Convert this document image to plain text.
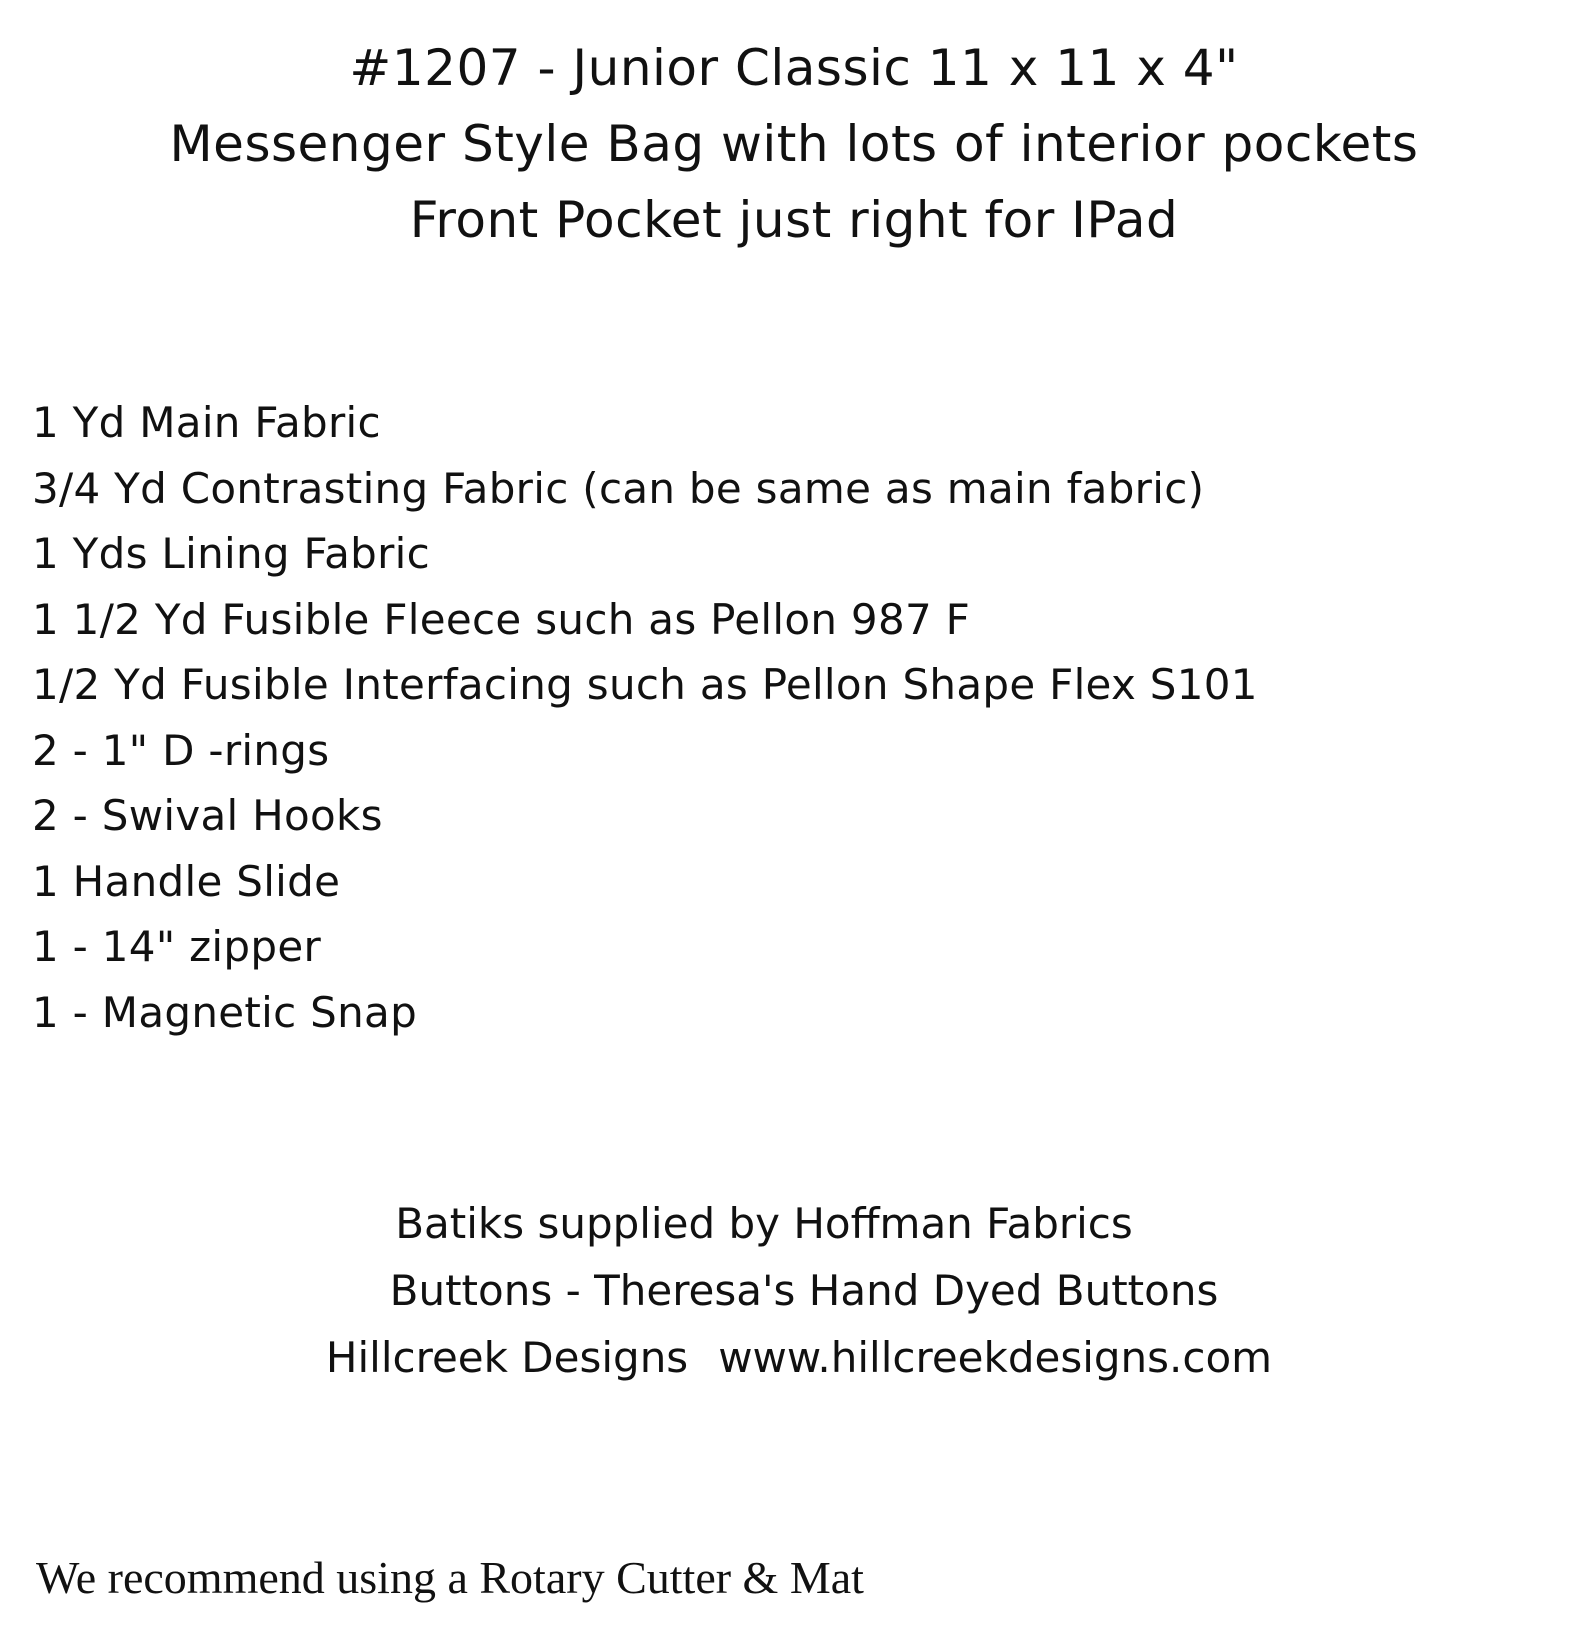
#1207 - Junior Classic 11 x 11 x 4"
Messenger Style Bag with lots of interior pockets
Front Pocket just right for IPad
1 Yd Main Fabric
3/4 Yd Contrasting Fabric (can be same as main fabric)
1 Yds Lining Fabric
1 1/2 Yd Fusible Fleece such as Pellon 987 F
1/2 Yd Fusible Interfacing such as Pellon Shape Flex S101
2 - 1" D -rings
2 - Swival Hooks
1 Handle Slide
1 - 14" zipper
1 - Magnetic Snap
Batiks supplied by Hoffman Fabrics
Buttons - Theresa's Hand Dyed Buttons
Hillcreek Designs www.hillcreekdesigns.com
We recommend using a Rotary Cutter & Mat
